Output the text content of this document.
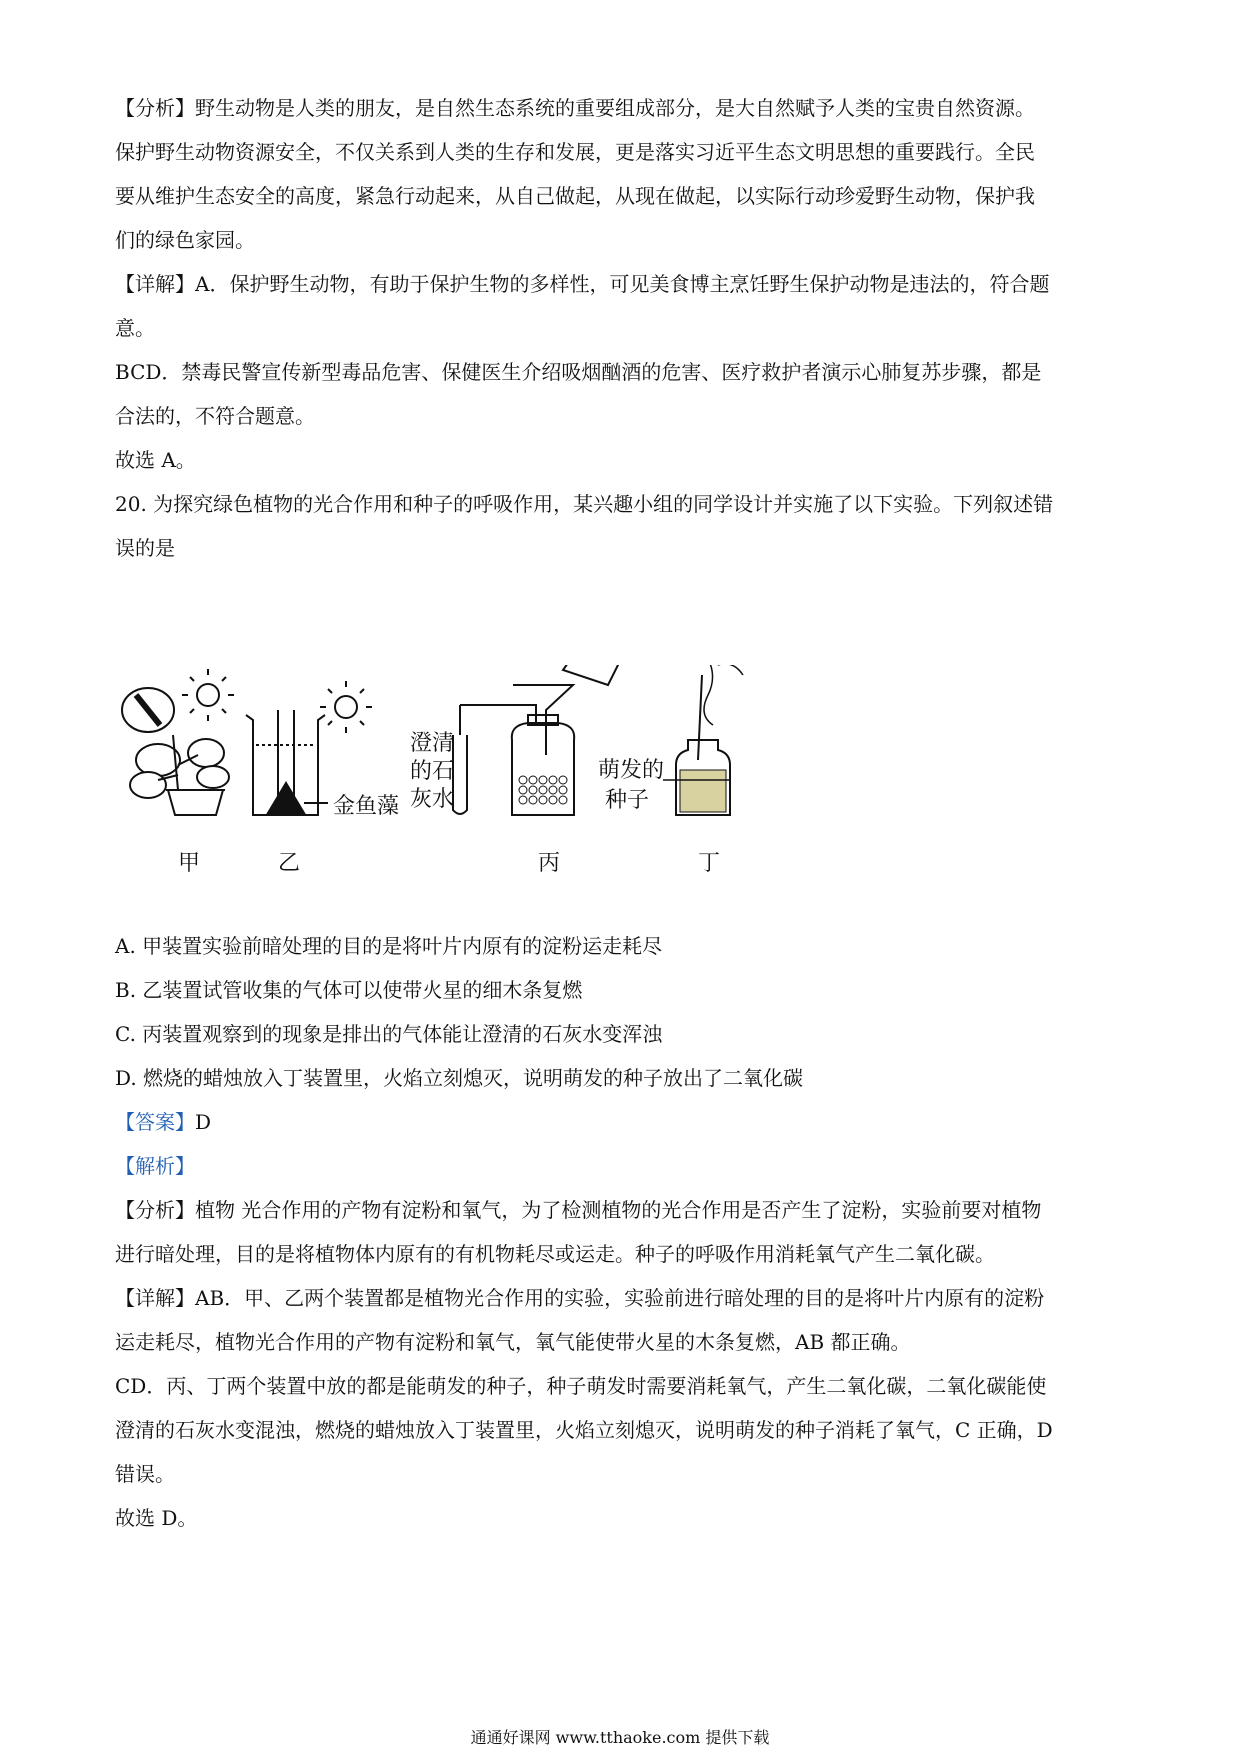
【分析】野生动物是人类的朋友，是自然生态系统的重要组成部分，是大自然赋予人类的宝贵自然资源。
保护野生动物资源安全，不仅关系到人类的生存和发展，更是落实习近平生态文明思想的重要践行。全民
要从维护生态安全的高度，紧急行动起来，从自己做起，从现在做起，以实际行动珍爱野生动物，保护我
们的绿色家园。
【详解】A．保护野生动物，有助于保护生物的多样性，可见美食博主烹饪野生保护动物是违法的，符合题
意。
BCD．禁毒民警宣传新型毒品危害、保健医生介绍吸烟酗酒的危害、医疗救护者演示心肺复苏步骤，都是
合法的，不符合题意。
故选 A。
20. 为探究绿色植物的光合作用和种子的呼吸作用，某兴趣小组的同学设计并实施了以下实验。下列叙述错
误的是
甲	乙
金鱼藻
澄清
的石
灰水
萌发的
种子
丙	丁
A. 甲装置实验前暗处理的目的是将叶片内原有的淀粉运走耗尽
B. 乙装置试管收集的气体可以使带火星的细木条复燃
C. 丙装置观察到的现象是排出的气体能让澄清的石灰水变浑浊
D. 燃烧的蜡烛放入丁装置里，火焰立刻熄灭，说明萌发的种子放出了二氧化碳
【答案】D
【解析】
【分析】植物 光合作用的产物有淀粉和氧气，为了检测植物的光合作用是否产生了淀粉，实验前要对植物
进行暗处理，目的是将植物体内原有的有机物耗尽或运走。种子的呼吸作用消耗氧气产生二氧化碳。
【详解】AB．甲、乙两个装置都是植物光合作用的实验，实验前进行暗处理的目的是将叶片内原有的淀粉
运走耗尽，植物光合作用的产物有淀粉和氧气，氧气能使带火星的木条复燃，AB 都正确。
CD．丙、丁两个装置中放的都是能萌发的种子，种子萌发时需要消耗氧气，产生二氧化碳，二氧化碳能使
澄清的石灰水变混浊，燃烧的蜡烛放入丁装置里，火焰立刻熄灭，说明萌发的种子消耗了氧气，C 正确，D
错误。
故选 D。
通通好课网 www.tthaoke.com 提供下载
